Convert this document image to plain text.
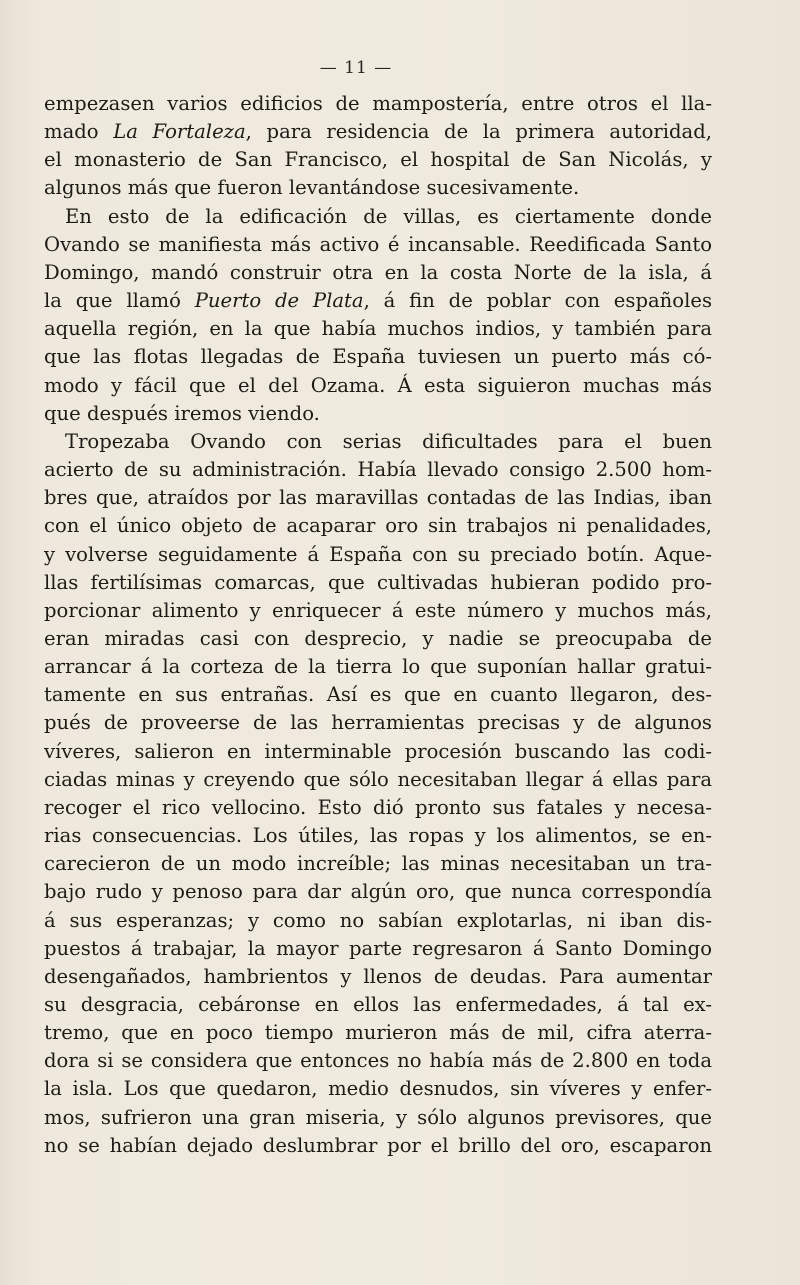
— 11 —
empezasen varios edificios de mampostería, entre otros el lla-
mado La Fortaleza, para residencia de la primera autoridad,
el monasterio de San Francisco, el hospital de San Nicolás, y
algunos más que fueron levantándose sucesivamente.
En esto de la edificación de villas, es ciertamente donde
Ovando se manifiesta más activo é incansable. Reedificada Santo
Domingo, mandó construir otra en la costa Norte de la isla, á
la que llamó Puerto de Plata, á fin de poblar con españoles
aquella región, en la que había muchos indios, y también para
que las flotas llegadas de España tuviesen un puerto más có-
modo y fácil que el del Ozama. Á esta siguieron muchas más
que después iremos viendo.
Tropezaba Ovando con serias dificultades para el buen
acierto de su administración. Había llevado consigo 2.500 hom-
bres que, atraídos por las maravillas contadas de las Indias, iban
con el único objeto de acaparar oro sin trabajos ni penalidades,
y volverse seguidamente á España con su preciado botín. Aque-
llas fertilísimas comarcas, que cultivadas hubieran podido pro-
porcionar alimento y enriquecer á este número y muchos más,
eran miradas casi con desprecio, y nadie se preocupaba de
arrancar á la corteza de la tierra lo que suponían hallar gratui-
tamente en sus entrañas. Así es que en cuanto llegaron, des-
pués de proveerse de las herramientas precisas y de algunos
víveres, salieron en interminable procesión buscando las codi-
ciadas minas y creyendo que sólo necesitaban llegar á ellas para
recoger el rico vellocino. Esto dió pronto sus fatales y necesa-
rias consecuencias. Los útiles, las ropas y los alimentos, se en-
carecieron de un modo increíble; las minas necesitaban un tra-
bajo rudo y penoso para dar algún oro, que nunca correspondía
á sus esperanzas; y como no sabían explotarlas, ni iban dis-
puestos á trabajar, la mayor parte regresaron á Santo Domingo
desengañados, hambrientos y llenos de deudas. Para aumentar
su desgracia, cebáronse en ellos las enfermedades, á tal ex-
tremo, que en poco tiempo murieron más de mil, cifra aterra-
dora si se considera que entonces no había más de 2.800 en toda
la isla. Los que quedaron, medio desnudos, sin víveres y enfer-
mos, sufrieron una gran miseria, y sólo algunos previsores, que
no se habían dejado deslumbrar por el brillo del oro, escaparon
